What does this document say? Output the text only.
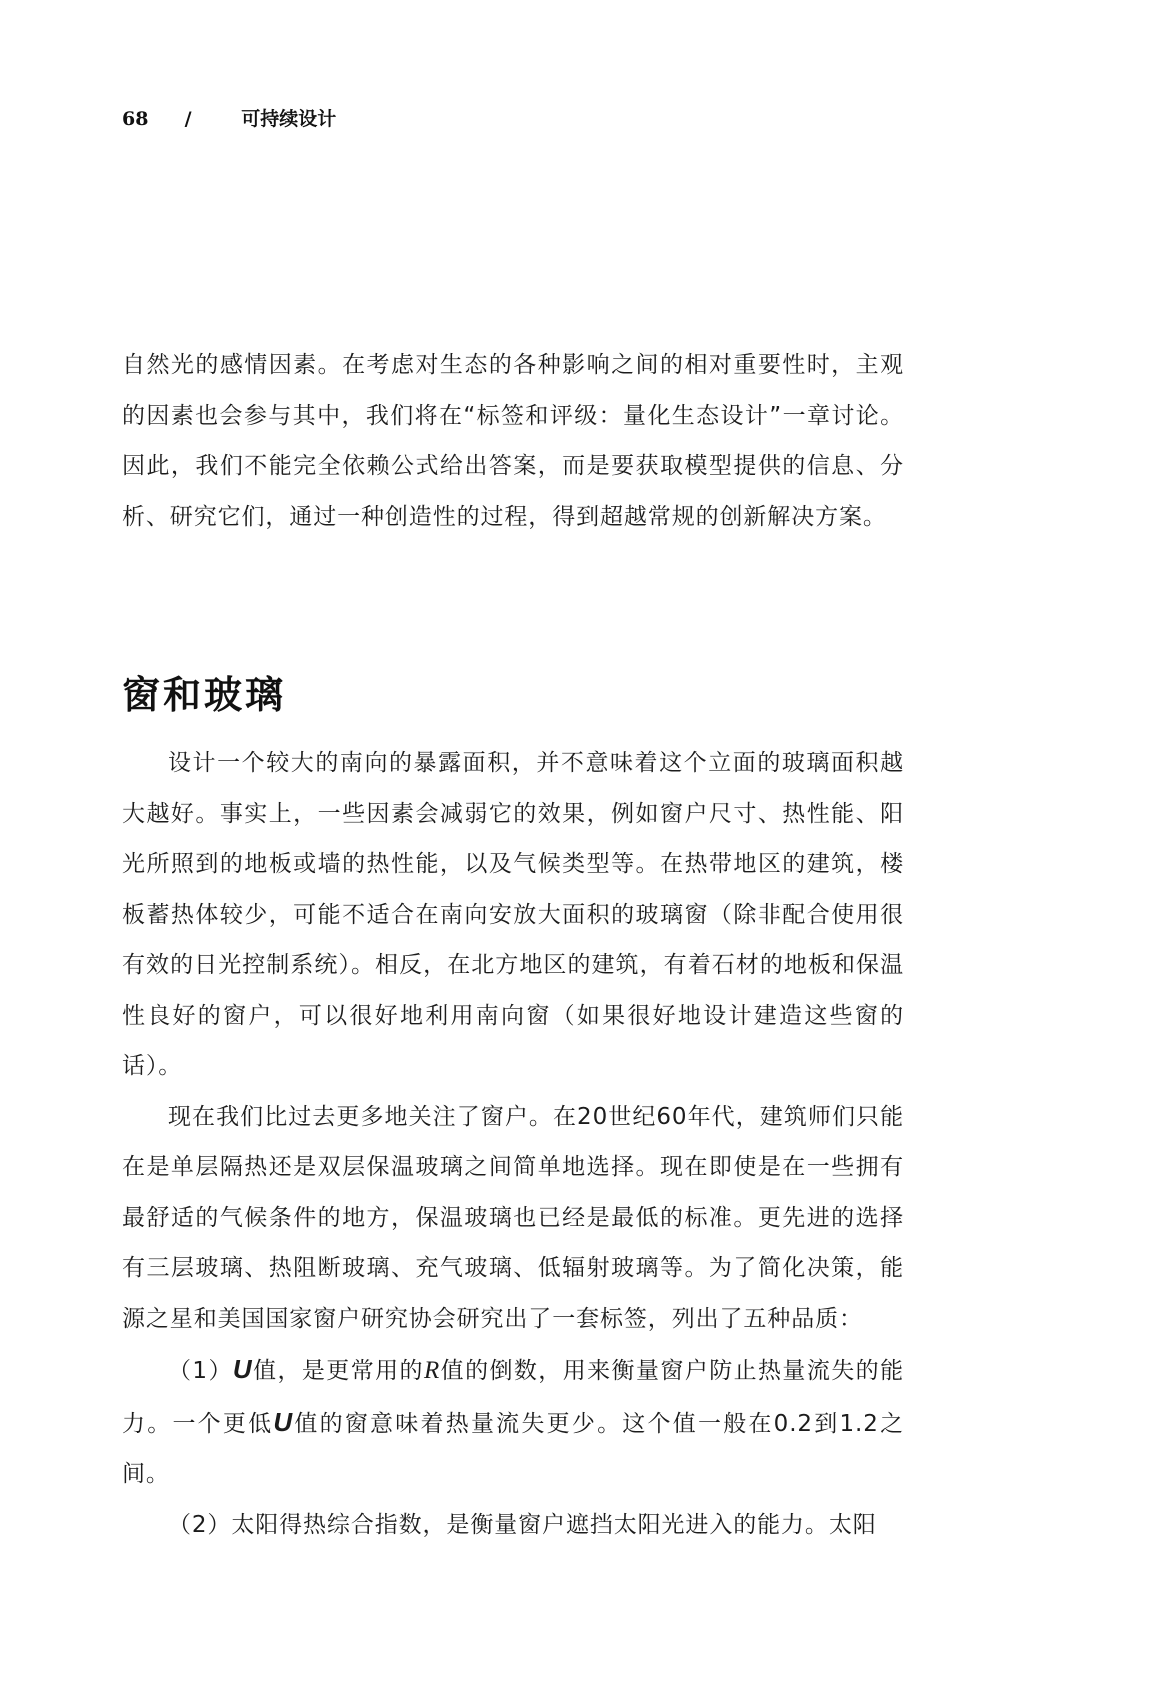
68 /	可持续设计

自然光的感情因素。在考虑对生态的各种影响之间的相对重要性时，主观的因素也会参与其中，我们将在“标签和评级：量化生态设计”一章讨论。因此，我们不能完全依赖公式给出答案，而是要获取模型提供的信息、分析、研究它们，通过一种创造性的过程，得到超越常规的创新解决方案。

窗和玻璃

设计一个较大的南向的暴露面积，并不意味着这个立面的玻璃面积越大越好。事实上，一些因素会减弱它的效果，例如窗户尺寸、热性能、阳光所照到的地板或墙的热性能，以及气候类型等。在热带地区的建筑，楼板蓄热体较少，可能不适合在南向安放大面积的玻璃窗（除非配合使用很有效的日光控制系统）。相反，在北方地区的建筑，有着石材的地板和保温性良好的窗户，可以很好地利用南向窗（如果很好地设计建造这些窗的话）。

现在我们比过去更多地关注了窗户。在20世纪60年代，建筑师们只能在是单层隔热还是双层保温玻璃之间简单地选择。现在即使是在一些拥有最舒适的气候条件的地方，保温玻璃也已经是最低的标准。更先进的选择有三层玻璃、热阻断玻璃、充气玻璃、低辐射玻璃等。为了简化决策，能源之星和美国国家窗户研究协会研究出了一套标签，列出了五种品质：

（1）U值，是更常用的R值的倒数，用来衡量窗户防止热量流失的能力。一个更低U值的窗意味着热量流失更少。这个值一般在0.2到1.2之间。

（2）太阳得热综合指数，是衡量窗户遮挡太阳光进入的能力。太阳
